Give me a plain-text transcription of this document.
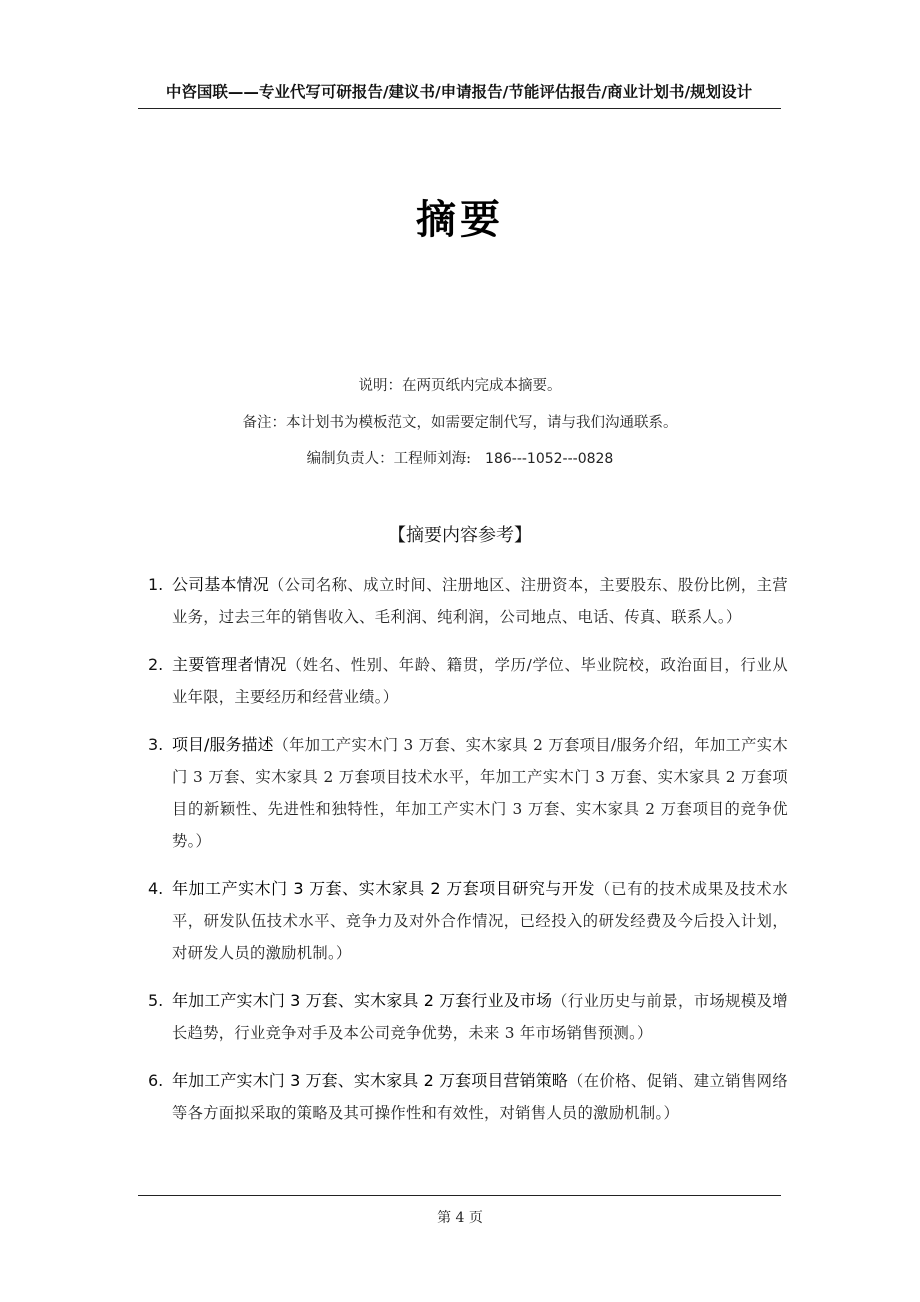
中咨国联——专业代写可研报告/建议书/申请报告/节能评估报告/商业计划书/规划设计
摘要
说明：在两页纸内完成本摘要。
备注：本计划书为模板范文，如需要定制代写，请与我们沟通联系。
编制负责人：工程师刘海: 186---1052---0828
【摘要内容参考】
1. 公司基本情况（公司名称、成立时间、注册地区、注册资本，主要股东、股份比例，主营业务，过去三年的销售收入、毛利润、纯利润，公司地点、电话、传真、联系人。）
2. 主要管理者情况（姓名、性别、年龄、籍贯，学历/学位、毕业院校，政治面目，行业从业年限，主要经历和经营业绩。）
3. 项目/服务描述（年加工产实木门 3 万套、实木家具 2 万套项目/服务介绍，年加工产实木门 3 万套、实木家具 2 万套项目技术水平，年加工产实木门 3 万套、实木家具 2 万套项目的新颖性、先进性和独特性，年加工产实木门 3 万套、实木家具 2 万套项目的竞争优势。）
4. 年加工产实木门 3 万套、实木家具 2 万套项目研究与开发（已有的技术成果及技术水平，研发队伍技术水平、竞争力及对外合作情况，已经投入的研发经费及今后投入计划，对研发人员的激励机制。）
5. 年加工产实木门 3 万套、实木家具 2 万套行业及市场（行业历史与前景，市场规模及增长趋势，行业竞争对手及本公司竞争优势，未来 3 年市场销售预测。）
6. 年加工产实木门 3 万套、实木家具 2 万套项目营销策略（在价格、促销、建立销售网络等各方面拟采取的策略及其可操作性和有效性，对销售人员的激励机制。）
第 4 页
